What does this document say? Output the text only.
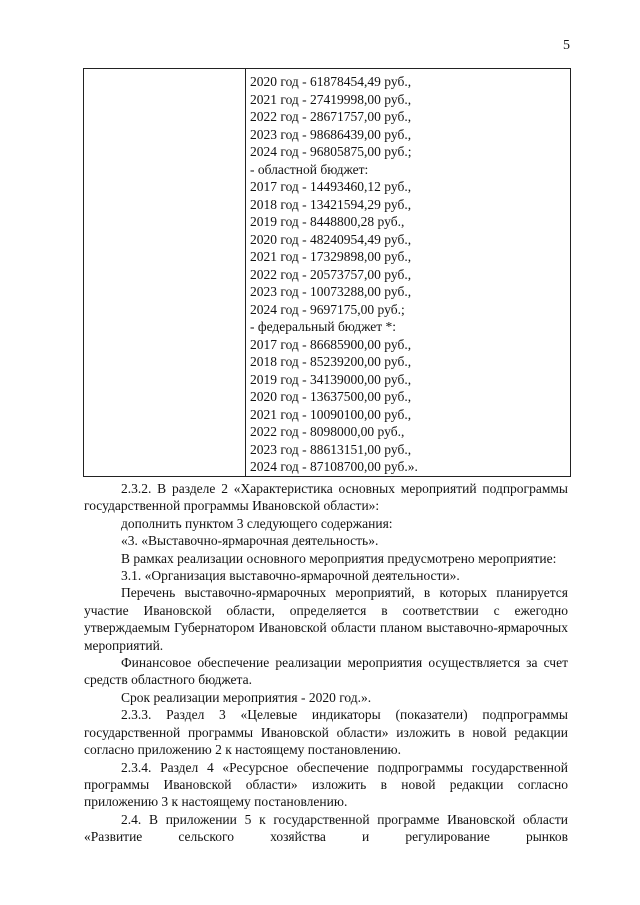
5
2020 год - 61878454,49 руб.,
2021 год - 27419998,00 руб.,
2022 год - 28671757,00 руб.,
2023 год - 98686439,00 руб.,
2024 год - 96805875,00 руб.;
- областной бюджет:
2017 год - 14493460,12 руб.,
2018 год - 13421594,29 руб.,
2019 год - 8448800,28 руб.,
2020 год - 48240954,49 руб.,
2021 год - 17329898,00 руб.,
2022 год - 20573757,00 руб.,
2023 год - 10073288,00 руб.,
2024 год - 9697175,00 руб.;
- федеральный бюджет *:
2017 год - 86685900,00 руб.,
2018 год - 85239200,00 руб.,
2019 год - 34139000,00 руб.,
2020 год - 13637500,00 руб.,
2021 год - 10090100,00 руб.,
2022 год - 8098000,00 руб.,
2023 год - 88613151,00 руб.,
2024 год - 87108700,00 руб.».

2.3.2. В разделе 2 «Характеристика основных мероприятий подпрограммы государственной программы Ивановской области»:

дополнить пунктом 3 следующего содержания:

«3. «Выставочно-ярмарочная деятельность».

В рамках реализации основного мероприятия предусмотрено мероприятие:

3.1. «Организация выставочно-ярмарочной деятельности».

Перечень выставочно-ярмарочных мероприятий, в которых планируется участие Ивановской области, определяется в соответствии с ежегодно утверждаемым Губернатором Ивановской области планом выставочно-ярмарочных мероприятий.

Финансовое обеспечение реализации мероприятия осуществляется за счет средств областного бюджета.

Срок реализации мероприятия - 2020 год.».

2.3.3. Раздел 3 «Целевые индикаторы (показатели) подпрограммы государственной программы Ивановской области» изложить в новой редакции согласно приложению 2 к настоящему постановлению.

2.3.4. Раздел 4 «Ресурсное обеспечение подпрограммы государственной программы Ивановской области» изложить в новой редакции согласно приложению 3 к настоящему постановлению.

2.4. В приложении 5 к государственной программе Ивановской области «Развитие сельского хозяйства и регулирование рынков
